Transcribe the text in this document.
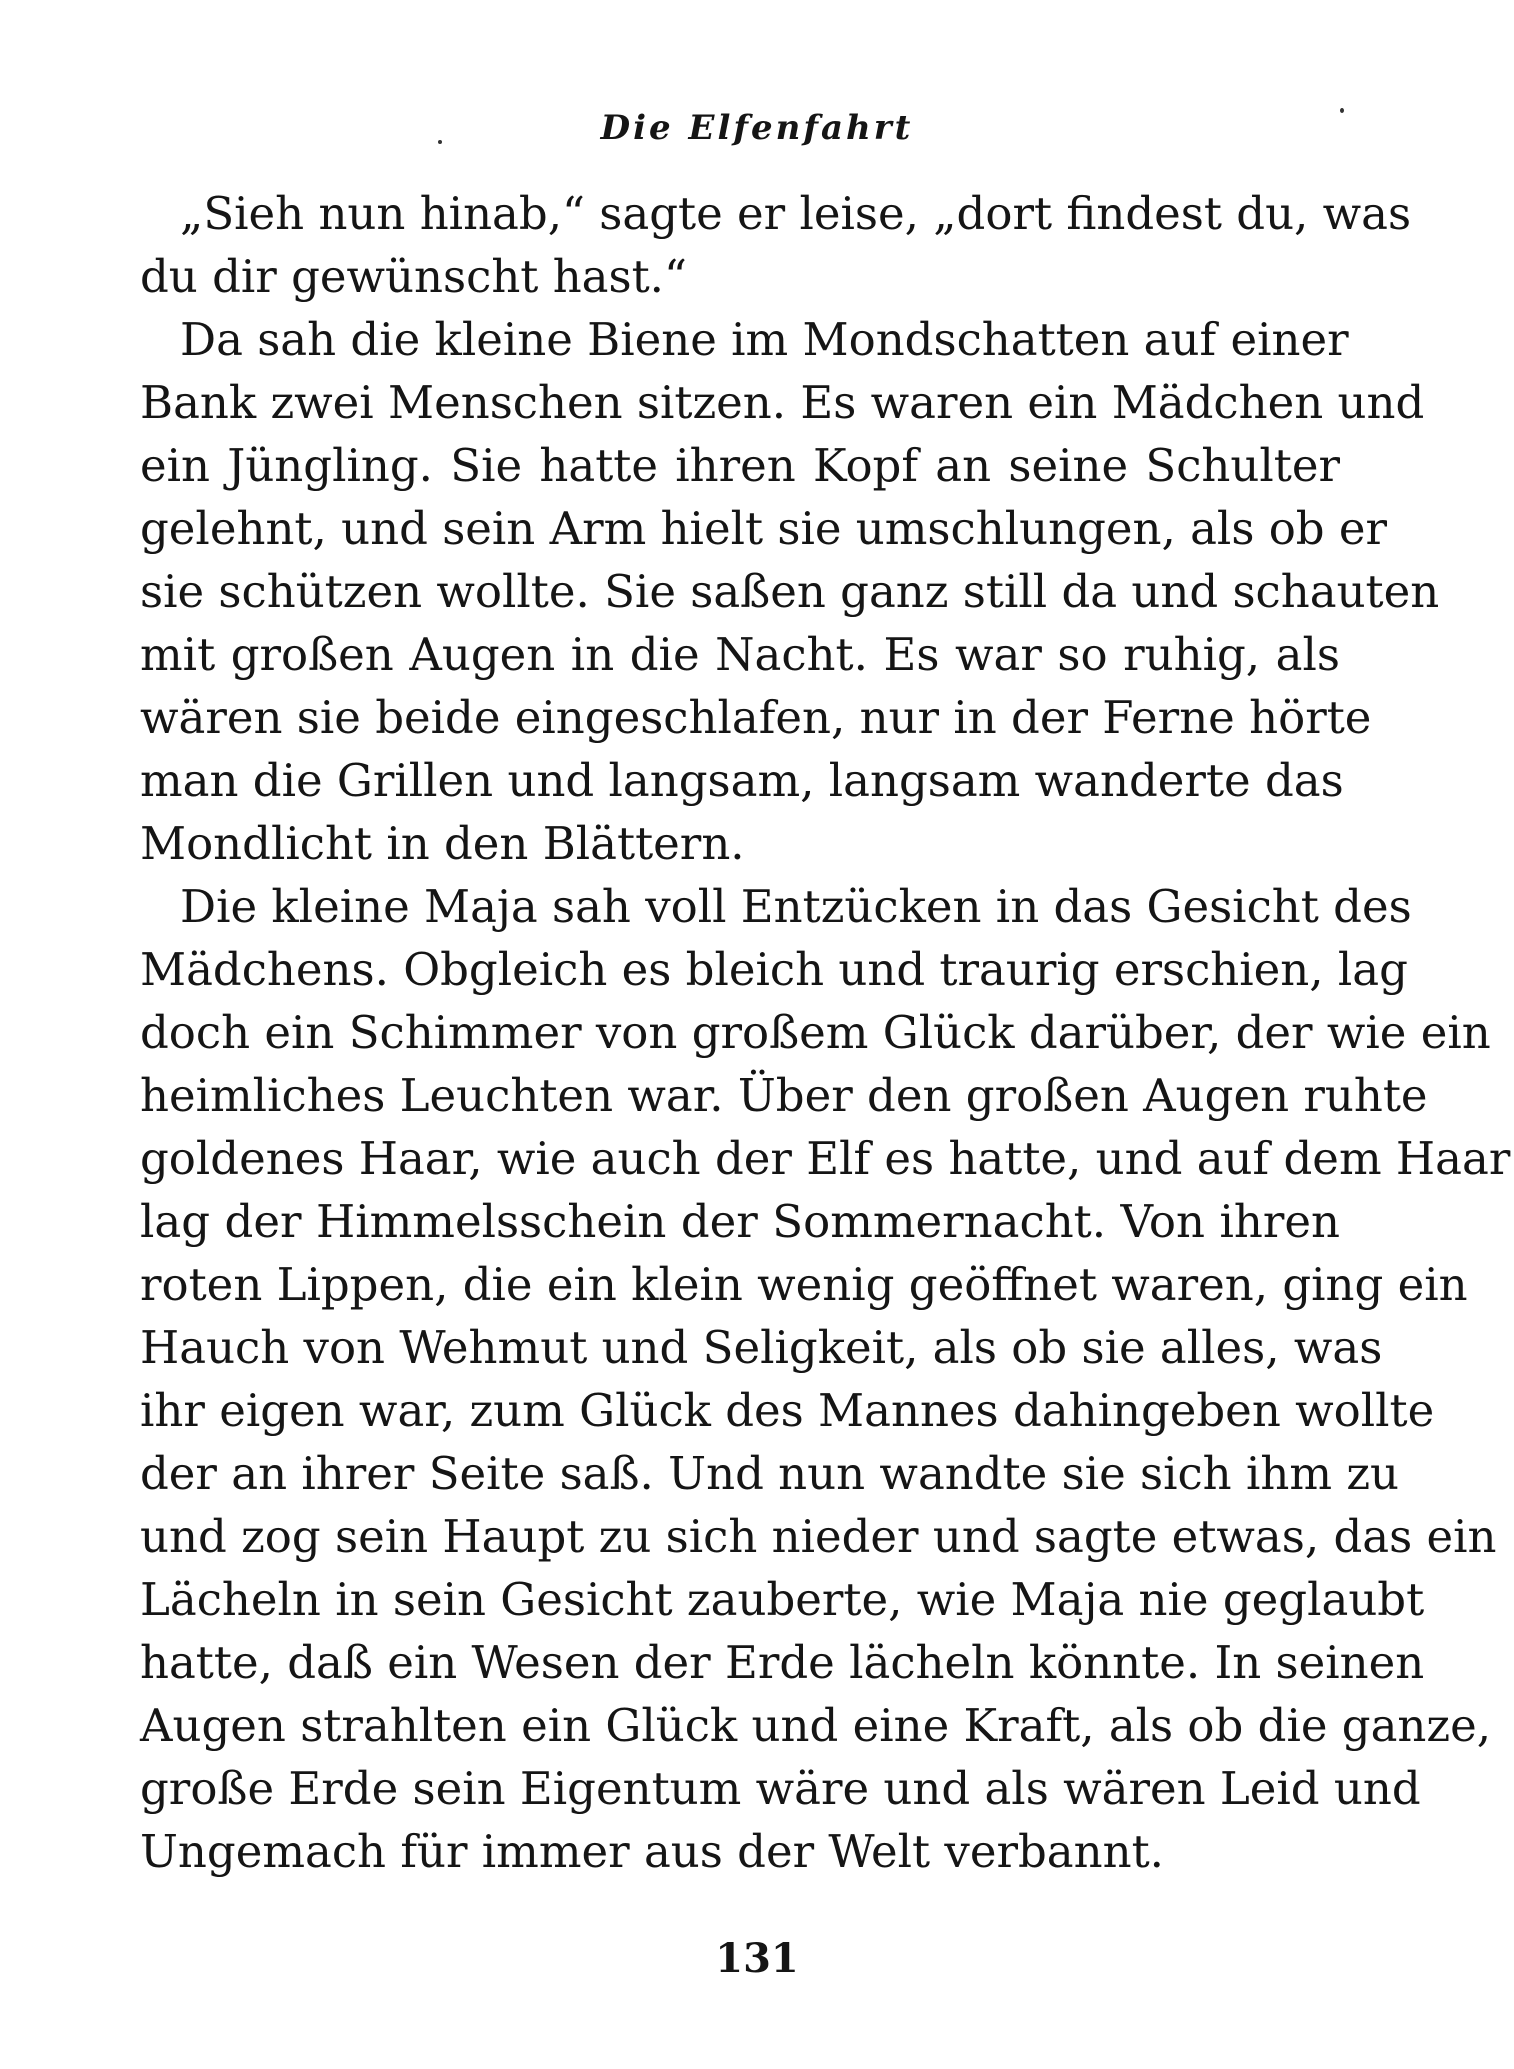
Die Elfenfahrt

„Sieh nun hinab,“ sagte er leise, „dort findest du, was
du dir gewünscht hast.“

Da sah die kleine Biene im Mondschatten auf einer
Bank zwei Menschen sitzen. Es waren ein Mädchen und
ein Jüngling. Sie hatte ihren Kopf an seine Schulter
gelehnt, und sein Arm hielt sie umschlungen, als ob er
sie schützen wollte. Sie saßen ganz still da und schauten
mit großen Augen in die Nacht. Es war so ruhig, als
wären sie beide eingeschlafen, nur in der Ferne hörte
man die Grillen und langsam, langsam wanderte das
Mondlicht in den Blättern.

Die kleine Maja sah voll Entzücken in das Gesicht des
Mädchens. Obgleich es bleich und traurig erschien, lag
doch ein Schimmer von großem Glück darüber, der wie ein
heimliches Leuchten war. Über den großen Augen ruhte
goldenes Haar, wie auch der Elf es hatte, und auf dem Haar
lag der Himmelsschein der Sommernacht. Von ihren
roten Lippen, die ein klein wenig geöffnet waren, ging ein
Hauch von Wehmut und Seligkeit, als ob sie alles, was
ihr eigen war, zum Glück des Mannes dahingeben wollte
der an ihrer Seite saß. Und nun wandte sie sich ihm zu
und zog sein Haupt zu sich nieder und sagte etwas, das ein
Lächeln in sein Gesicht zauberte, wie Maja nie geglaubt
hatte, daß ein Wesen der Erde lächeln könnte. In seinen
Augen strahlten ein Glück und eine Kraft, als ob die ganze,
große Erde sein Eigentum wäre und als wären Leid und
Ungemach für immer aus der Welt verbannt.

131
